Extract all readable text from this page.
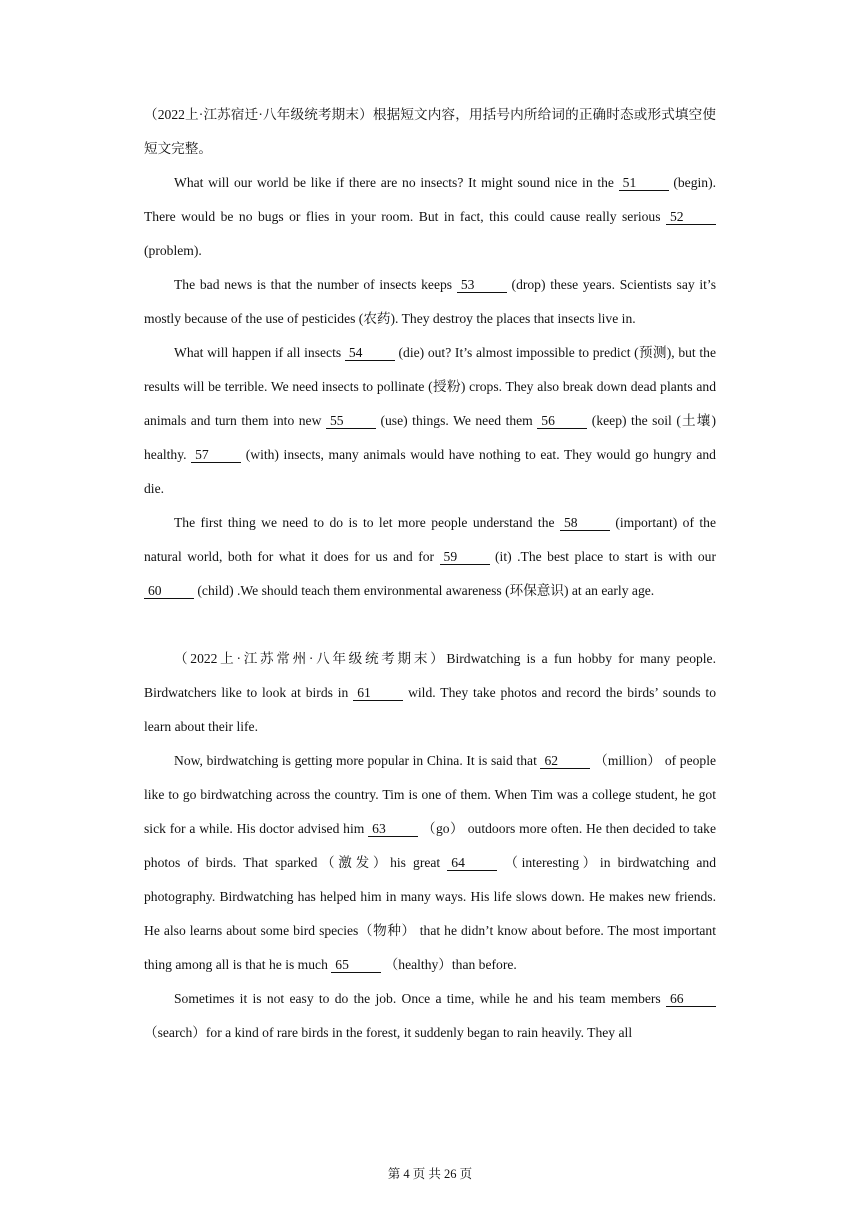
（2022上·江苏宿迁·八年级统考期末）根据短文内容，用括号内所给词的正确时态或形式填空使短文完整。

What will our world be like if there are no insects? It might sound nice in the 51 (begin). There would be no bugs or flies in your room. But in fact, this could cause really serious 52 (problem).

The bad news is that the number of insects keeps 53 (drop) these years. Scientists say it’s mostly because of the use of pesticides (农药). They destroy the places that insects live in.

What will happen if all insects 54 (die) out? It’s almost impossible to predict (预测), but the results will be terrible. We need insects to pollinate (授粉) crops. They also break down dead plants and animals and turn them into new 55 (use) things. We need them 56 (keep) the soil (土壤) healthy. 57 (with) insects, many animals would have nothing to eat. They would go hungry and die.

The first thing we need to do is to let more people understand the 58 (important) of the natural world, both for what it does for us and for 59 (it) .The best place to start is with our 60 (child) .We should teach them environmental awareness (环保意识) at an early age.

（2022上·江苏常州·八年级统考期末）Birdwatching is a fun hobby for many people. Birdwatchers like to look at birds in 61 wild. They take photos and record the birds’ sounds to learn about their life.

Now, birdwatching is getting more popular in China. It is said that 62 （million） of people like to go birdwatching across the country. Tim is one of them. When Tim was a college student, he got sick for a while. His doctor advised him 63 （go） outdoors more often. He then decided to take photos of birds. That sparked（激发）his great 64 （interesting）in birdwatching and photography. Birdwatching has helped him in many ways. His life slows down. He makes new friends. He also learns about some bird species（物种） that he didn’t know about before. The most important thing among all is that he is much 65 （healthy）than before.

Sometimes it is not easy to do the job. Once a time, while he and his team members 66 （search）for a kind of rare birds in the forest, it suddenly began to rain heavily. They all

第 4 页 共 26 页
